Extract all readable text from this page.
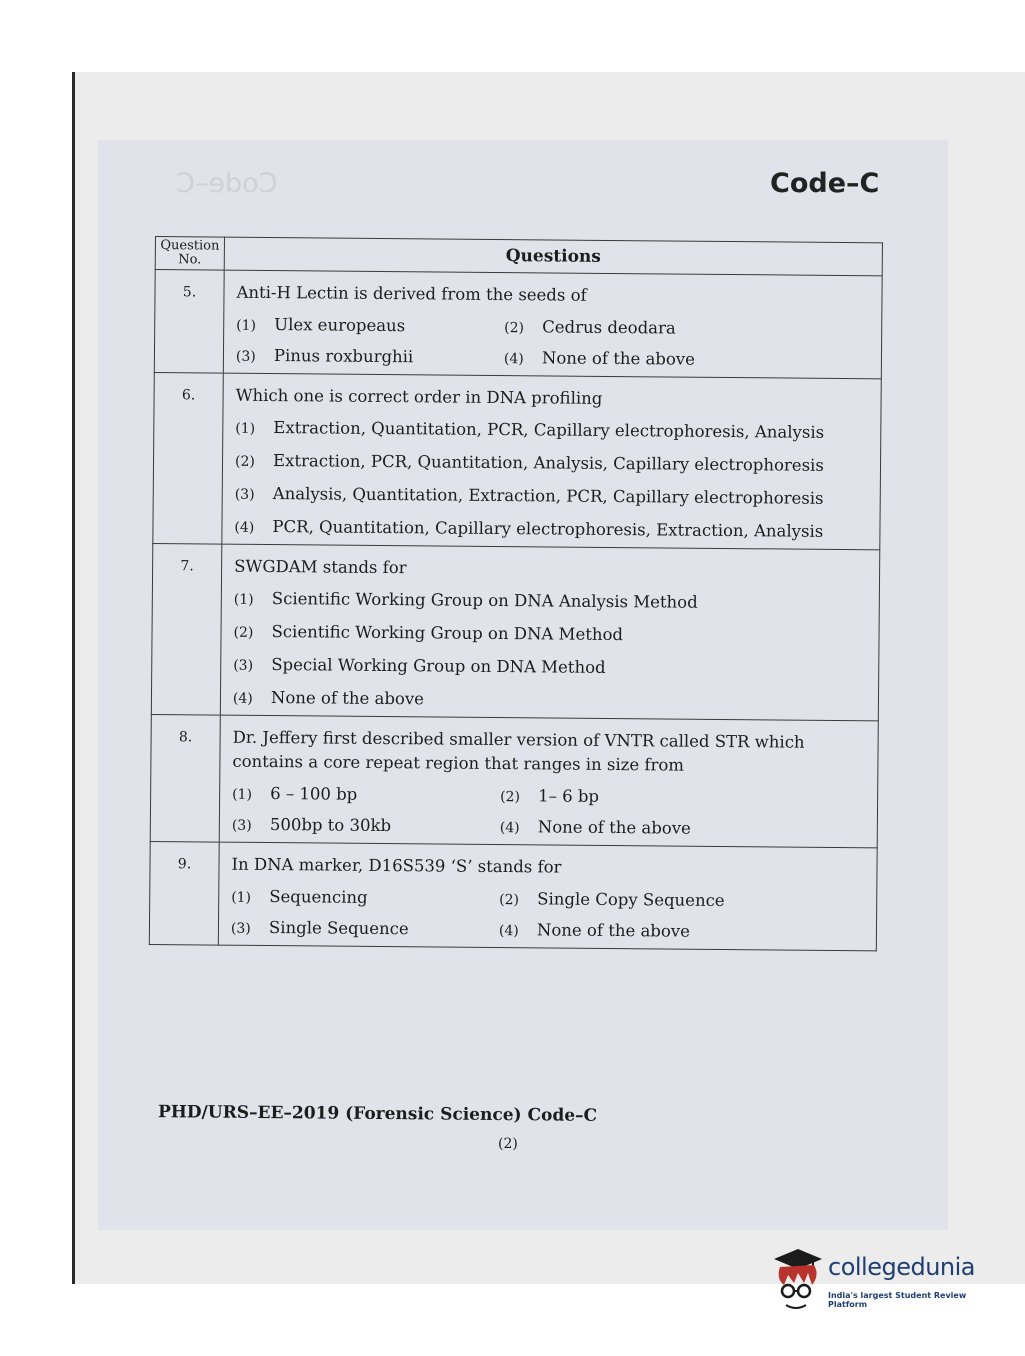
Code–C	Code–C
Question No.	Questions
5.	Anti-H Lectin is derived from the seeds of
(1) Ulex europeaus (2) Cedrus deodara
(3) Pinus roxburghii (4) None of the above

6.	Which one is correct order in DNA profiling
(1) Extraction, Quantitation, PCR, Capillary electrophoresis, Analysis
(2) Extraction, PCR, Quantitation, Analysis, Capillary electrophoresis
(3) Analysis, Quantitation, Extraction, PCR, Capillary electrophoresis
(4) PCR, Quantitation, Capillary electrophoresis, Extraction, Analysis

7.	SWGDAM stands for
(1) Scientific Working Group on DNA Analysis Method
(2) Scientific Working Group on DNA Method
(3) Special Working Group on DNA Method
(4) None of the above

8.	Dr. Jeffery first described smaller version of VNTR called STR which contains a core repeat region that ranges in size from
(1) 6 – 100 bp (2) 1– 6 bp
(3) 500bp to 30kb (4) None of the above

9.	In DNA marker, D16S539 ‘S’ stands for
(1) Sequencing (2) Single Copy Sequence
(3) Single Sequence (4) None of the above
PHD/URS–EE–2019 (Forensic Science) Code–C
(2)
collegedunia
India's largest Student Review Platform
